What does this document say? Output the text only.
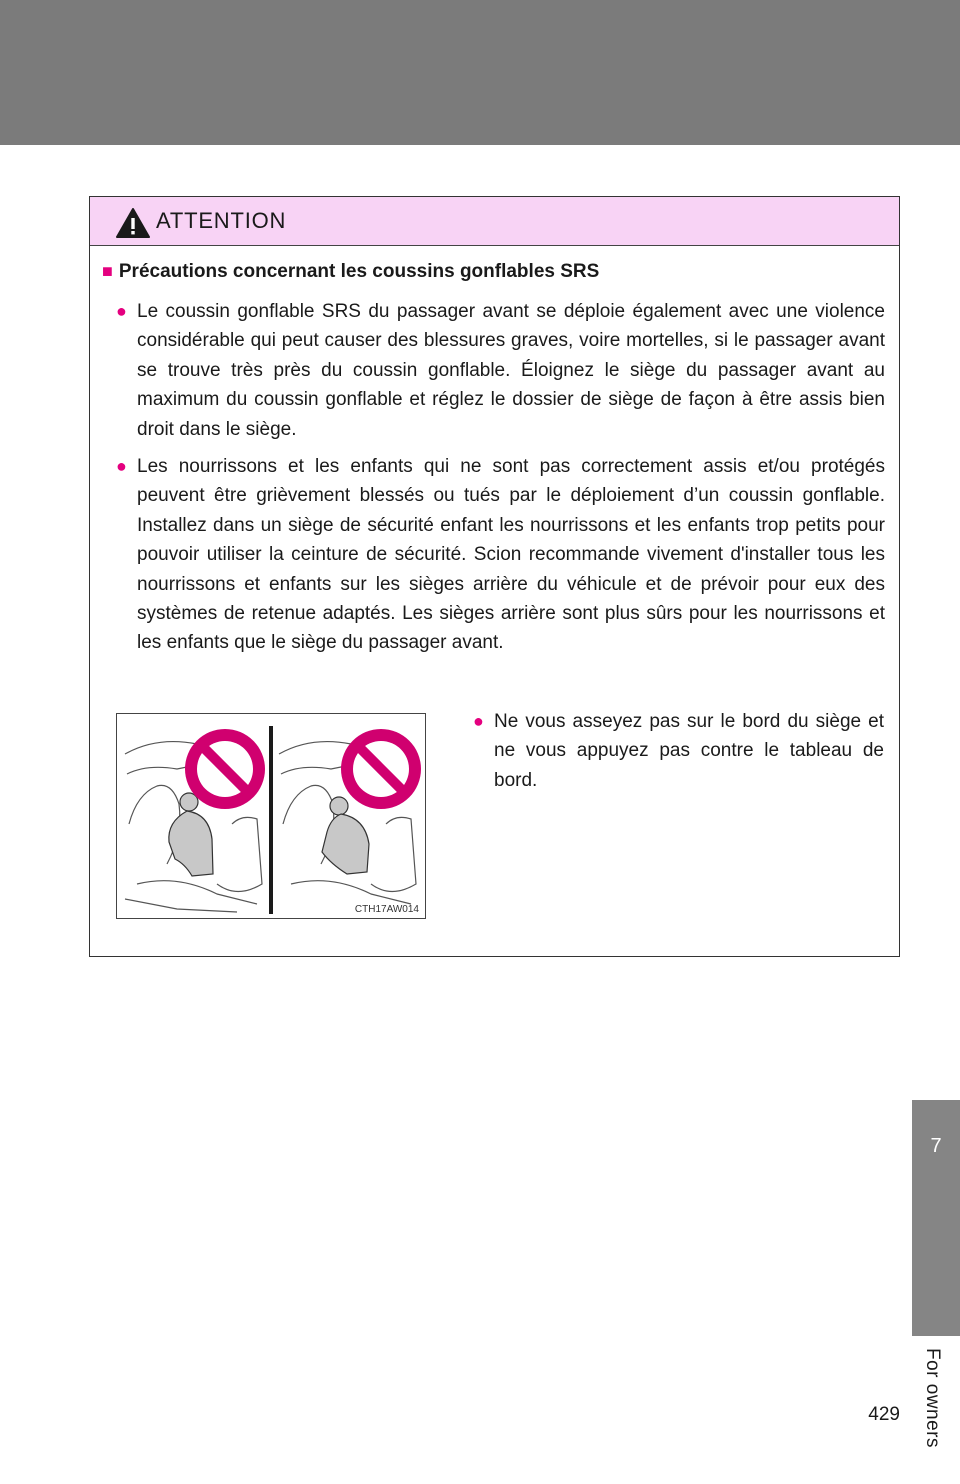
ATTENTION
■ Précautions concernant les coussins gonflables SRS
● Le coussin gonflable SRS du passager avant se déploie également avec une violence considérable qui peut causer des blessures graves, voire mortelles, si le passager avant se trouve très près du coussin gonflable. Éloignez le siège du passager avant au maximum du coussin gonflable et réglez le dossier de siège de façon à être assis bien droit dans le siège.
● Les nourrissons et les enfants qui ne sont pas correctement assis et/ou protégés peuvent être grièvement blessés ou tués par le déploiement d’un coussin gonflable. Installez dans un siège de sécurité enfant les nourrissons et les enfants trop petits pour pouvoir utiliser la ceinture de sécurité. Scion recommande vivement d'installer tous les nourrissons et enfants sur les sièges arrière du véhicule et de prévoir pour eux des systèmes de retenue adaptés. Les sièges arrière sont plus sûrs pour les nourrissons et les enfants que le siège du passager avant.
CTH17AW014
● Ne vous asseyez pas sur le bord du siège et ne vous appuyez pas contre le tableau de bord.
7
For owners
429
